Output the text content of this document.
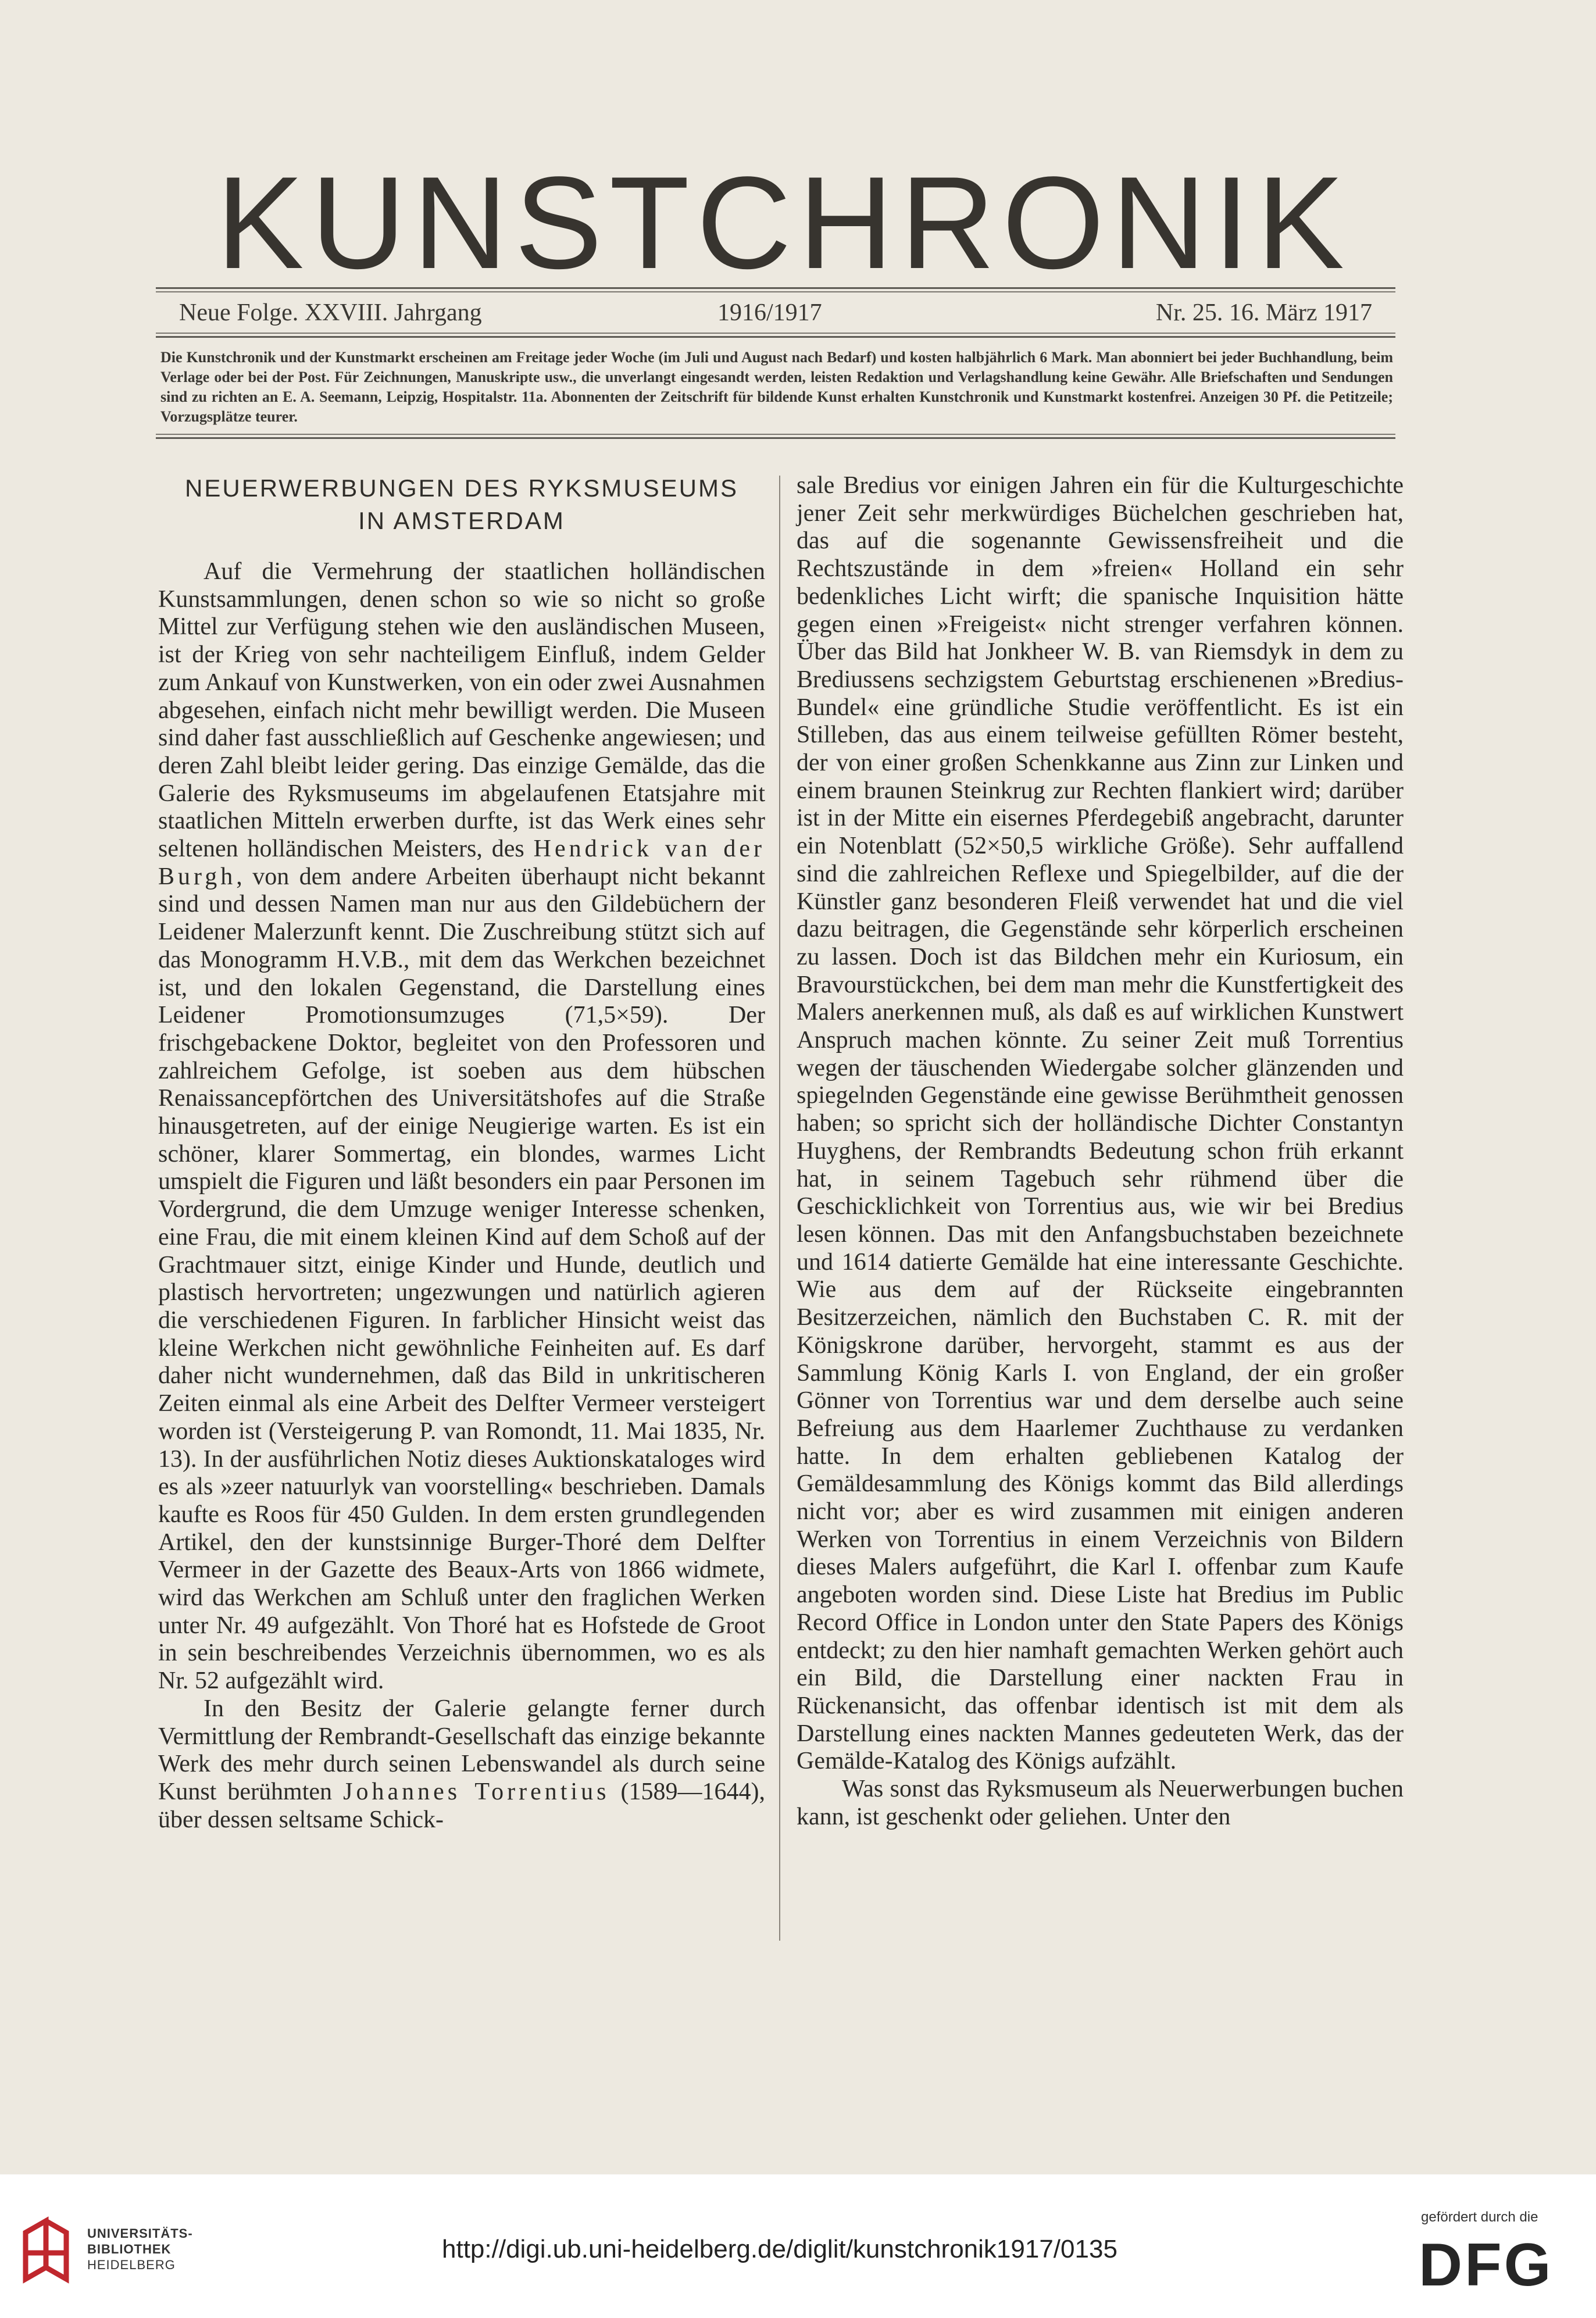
KUNSTCHRONIK
Neue Folge. XXVIII. Jahrgang	1916/1917	Nr. 25. 16. März 1917
Die Kunstchronik und der Kunstmarkt erscheinen am Freitage jeder Woche (im Juli und August nach Bedarf) und kosten halbjährlich 6 Mark. Man abonniert bei jeder Buchhandlung, beim Verlage oder bei der Post. Für Zeichnungen, Manuskripte usw., die unverlangt eingesandt werden, leisten Redaktion und Verlagshandlung keine Gewähr. Alle Briefschaften und Sendungen sind zu richten an E. A. Seemann, Leipzig, Hospitalstr. 11a. Abonnenten der Zeitschrift für bildende Kunst erhalten Kunstchronik und Kunstmarkt kostenfrei. Anzeigen 30 Pf. die Petitzeile; Vorzugsplätze teurer.
NEUERWERBUNGEN DES RYKSMUSEUMS
IN AMSTERDAM

Auf die Vermehrung der staatlichen holländischen Kunstsammlungen, denen schon so wie so nicht so große Mittel zur Verfügung stehen wie den ausländischen Museen, ist der Krieg von sehr nachteiligem Einfluß, indem Gelder zum Ankauf von Kunstwerken, von ein oder zwei Ausnahmen abgesehen, einfach nicht mehr bewilligt werden. Die Museen sind daher fast ausschließlich auf Geschenke angewiesen; und deren Zahl bleibt leider gering. Das einzige Gemälde, das die Galerie des Ryksmuseums im abgelaufenen Etatsjahre mit staatlichen Mitteln erwerben durfte, ist das Werk eines sehr seltenen holländischen Meisters, des Hendrick van der Burgh, von dem andere Arbeiten überhaupt nicht bekannt sind und dessen Namen man nur aus den Gildebüchern der Leidener Malerzunft kennt. Die Zuschreibung stützt sich auf das Monogramm H.V.B., mit dem das Werkchen bezeichnet ist, und den lokalen Gegenstand, die Darstellung eines Leidener Promotionsumzuges (71,5×59). Der frischgebackene Doktor, begleitet von den Professoren und zahlreichem Gefolge, ist soeben aus dem hübschen Renaissancepförtchen des Universitätshofes auf die Straße hinausgetreten, auf der einige Neugierige warten. Es ist ein schöner, klarer Sommertag, ein blondes, warmes Licht umspielt die Figuren und läßt besonders ein paar Personen im Vordergrund, die dem Umzuge weniger Interesse schenken, eine Frau, die mit einem kleinen Kind auf dem Schoß auf der Grachtmauer sitzt, einige Kinder und Hunde, deutlich und plastisch hervortreten; ungezwungen und natürlich agieren die verschiedenen Figuren. In farblicher Hinsicht weist das kleine Werkchen nicht gewöhnliche Feinheiten auf. Es darf daher nicht wundernehmen, daß das Bild in unkritischeren Zeiten einmal als eine Arbeit des Delfter Vermeer versteigert worden ist (Versteigerung P. van Romondt, 11. Mai 1835, Nr. 13). In der ausführlichen Notiz dieses Auktionskataloges wird es als »zeer natuurlyk van voorstelling« beschrieben. Damals kaufte es Roos für 450 Gulden. In dem ersten grundlegenden Artikel, den der kunstsinnige Burger-Thoré dem Delfter Vermeer in der Gazette des Beaux-Arts von 1866 widmete, wird das Werkchen am Schluß unter den fraglichen Werken unter Nr. 49 aufgezählt. Von Thoré hat es Hofstede de Groot in sein beschreibendes Verzeichnis übernommen, wo es als Nr. 52 aufgezählt wird.

In den Besitz der Galerie gelangte ferner durch Vermittlung der Rembrandt-Gesellschaft das einzige bekannte Werk des mehr durch seinen Lebenswandel als durch seine Kunst berühmten Johannes Torrentius (1589—1644), über dessen seltsame Schick-

sale Bredius vor einigen Jahren ein für die Kulturgeschichte jener Zeit sehr merkwürdiges Büchelchen geschrieben hat, das auf die sogenannte Gewissensfreiheit und die Rechtszustände in dem »freien« Holland ein sehr bedenkliches Licht wirft; die spanische Inquisition hätte gegen einen »Freigeist« nicht strenger verfahren können. Über das Bild hat Jonkheer W. B. van Riemsdyk in dem zu Brediussens sechzigstem Geburtstag erschienenen »Bredius-Bundel« eine gründliche Studie veröffentlicht. Es ist ein Stilleben, das aus einem teilweise gefüllten Römer besteht, der von einer großen Schenkkanne aus Zinn zur Linken und einem braunen Steinkrug zur Rechten flankiert wird; darüber ist in der Mitte ein eisernes Pferdegebiß angebracht, darunter ein Notenblatt (52×50,5 wirkliche Größe). Sehr auffallend sind die zahlreichen Reflexe und Spiegelbilder, auf die der Künstler ganz besonderen Fleiß verwendet hat und die viel dazu beitragen, die Gegenstände sehr körperlich erscheinen zu lassen. Doch ist das Bildchen mehr ein Kuriosum, ein Bravourstückchen, bei dem man mehr die Kunstfertigkeit des Malers anerkennen muß, als daß es auf wirklichen Kunstwert Anspruch machen könnte. Zu seiner Zeit muß Torrentius wegen der täuschenden Wiedergabe solcher glänzenden und spiegelnden Gegenstände eine gewisse Berühmtheit genossen haben; so spricht sich der holländische Dichter Constantyn Huyghens, der Rembrandts Bedeutung schon früh erkannt hat, in seinem Tagebuch sehr rühmend über die Geschicklichkeit von Torrentius aus, wie wir bei Bredius lesen können. Das mit den Anfangsbuchstaben bezeichnete und 1614 datierte Gemälde hat eine interessante Geschichte. Wie aus dem auf der Rückseite eingebrannten Besitzerzeichen, nämlich den Buchstaben C. R. mit der Königskrone darüber, hervorgeht, stammt es aus der Sammlung König Karls I. von England, der ein großer Gönner von Torrentius war und dem derselbe auch seine Befreiung aus dem Haarlemer Zuchthause zu verdanken hatte. In dem erhalten gebliebenen Katalog der Gemäldesammlung des Königs kommt das Bild allerdings nicht vor; aber es wird zusammen mit einigen anderen Werken von Torrentius in einem Verzeichnis von Bildern dieses Malers aufgeführt, die Karl I. offenbar zum Kaufe angeboten worden sind. Diese Liste hat Bredius im Public Record Office in London unter den State Papers des Königs entdeckt; zu den hier namhaft gemachten Werken gehört auch ein Bild, die Darstellung einer nackten Frau in Rückenansicht, das offenbar identisch ist mit dem als Darstellung eines nackten Mannes gedeuteten Werk, das der Gemälde-Katalog des Königs aufzählt.

Was sonst das Ryksmuseum als Neuerwerbungen buchen kann, ist geschenkt oder geliehen. Unter den

UNIVERSITÄTS-
BIBLIOTHEK
HEIDELBERG
http://digi.ub.uni-heidelberg.de/diglit/kunstchronik1917/0135
gefördert durch die
DFG
